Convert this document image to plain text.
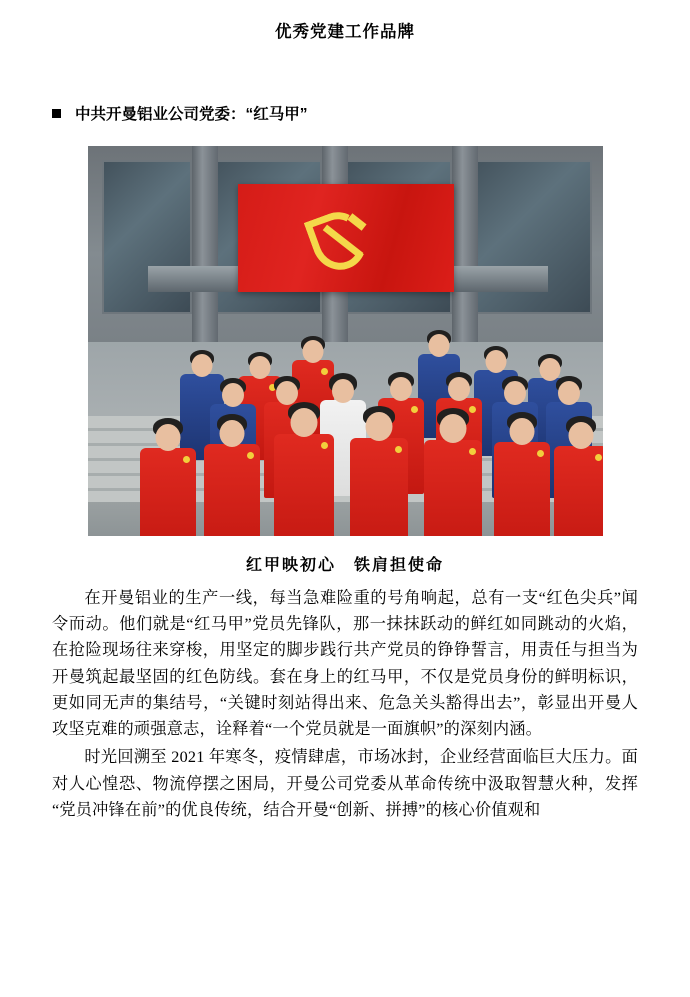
优秀党建工作品牌
中共开曼铝业公司党委：“红马甲”
红甲映初心　铁肩担使命

在开曼铝业的生产一线，每当急难险重的号角响起，总有一支“红色尖兵”闻令而动。他们就是“红马甲”党员先锋队，那一抹抹跃动的鲜红如同跳动的火焰，在抢险现场往来穿梭，用坚定的脚步践行共产党员的铮铮誓言，用责任与担当为开曼筑起最坚固的红色防线。套在身上的红马甲，不仅是党员身份的鲜明标识，更如同无声的集结号，“关键时刻站得出来、危急关头豁得出去”，彰显出开曼人攻坚克难的顽强意志，诠释着“一个党员就是一面旗帜”的深刻内涵。

时光回溯至 2021 年寒冬，疫情肆虐，市场冰封，企业经营面临巨大压力。面对人心惶恐、物流停摆之困局，开曼公司党委从革命传统中汲取智慧火种，发挥“党员冲锋在前”的优良传统，结合开曼“创新、拼搏”的核心价值观和
